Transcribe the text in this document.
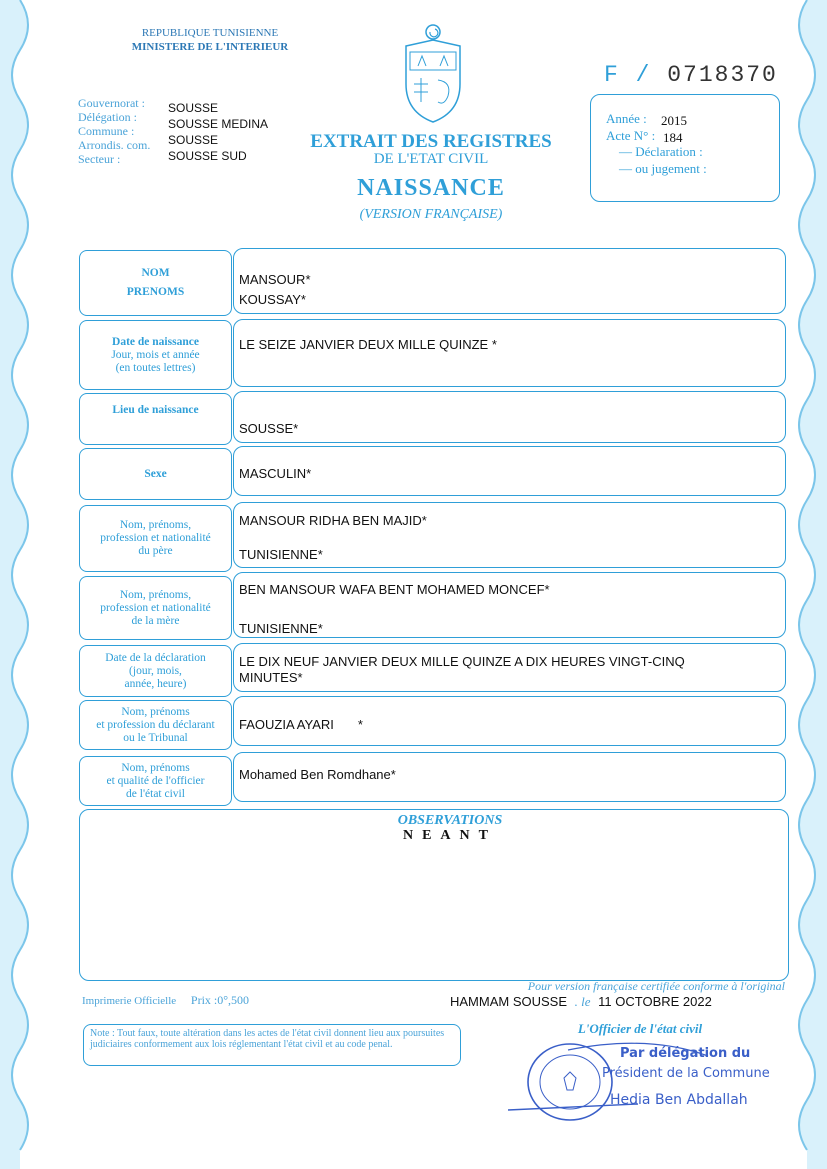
REPUBLIQUE TUNISIENNE
MINISTERE DE L'INTERIEUR
F / 0718370
Gouvernorat :
Délégation :
Commune :
Arrondis. com.
Secteur :
SOUSSE
SOUSSE MEDINA
SOUSSE
SOUSSE SUD
EXTRAIT DES REGISTRES
DE L'ETAT CIVIL
NAISSANCE
(VERSION FRANÇAISE)
Année : 2015
Acte N° : 184
— Déclaration :
— ou jugement :
NOM
PRENOMS
MANSOUR*
KOUSSAY*
Date de naissance
Jour, mois et année
(en toutes lettres)
LE SEIZE JANVIER DEUX MILLE QUINZE *
Lieu de naissance
SOUSSE*
Sexe	MASCULIN*
Nom, prénoms,
profession et nationalité
du père
MANSOUR RIDHA BEN MAJID*
TUNISIENNE*
Nom, prénoms,
profession et nationalité
de la mère
BEN MANSOUR WAFA BENT MOHAMED MONCEF*
TUNISIENNE*
Date de la déclaration
(jour, mois,
année, heure)
LE DIX NEUF JANVIER DEUX MILLE QUINZE A DIX HEURES VINGT-CINQ
MINUTES*
Nom, prénoms
et profession du déclarant
ou le Tribunal
FAOUZIA AYARI *
Nom, prénoms
et qualité de l'officier
de l'état civil
Mohamed Ben Romdhane*
OBSERVATIONS
NEANT
Imprimerie Officielle Prix :0°,500
Pour version française certifiée conforme à l'original
HAMMAM SOUSSE . le 11 OCTOBRE 2022
Note : Tout faux, toute altération dans les actes de l'état civil donnent lieu aux poursuites judiciaires conformement aux lois réglementant l'état civil et au code penal.
L'Officier de l'état civil
Par délégation du
Président de la Commune
Hedia Ben Abdallah
